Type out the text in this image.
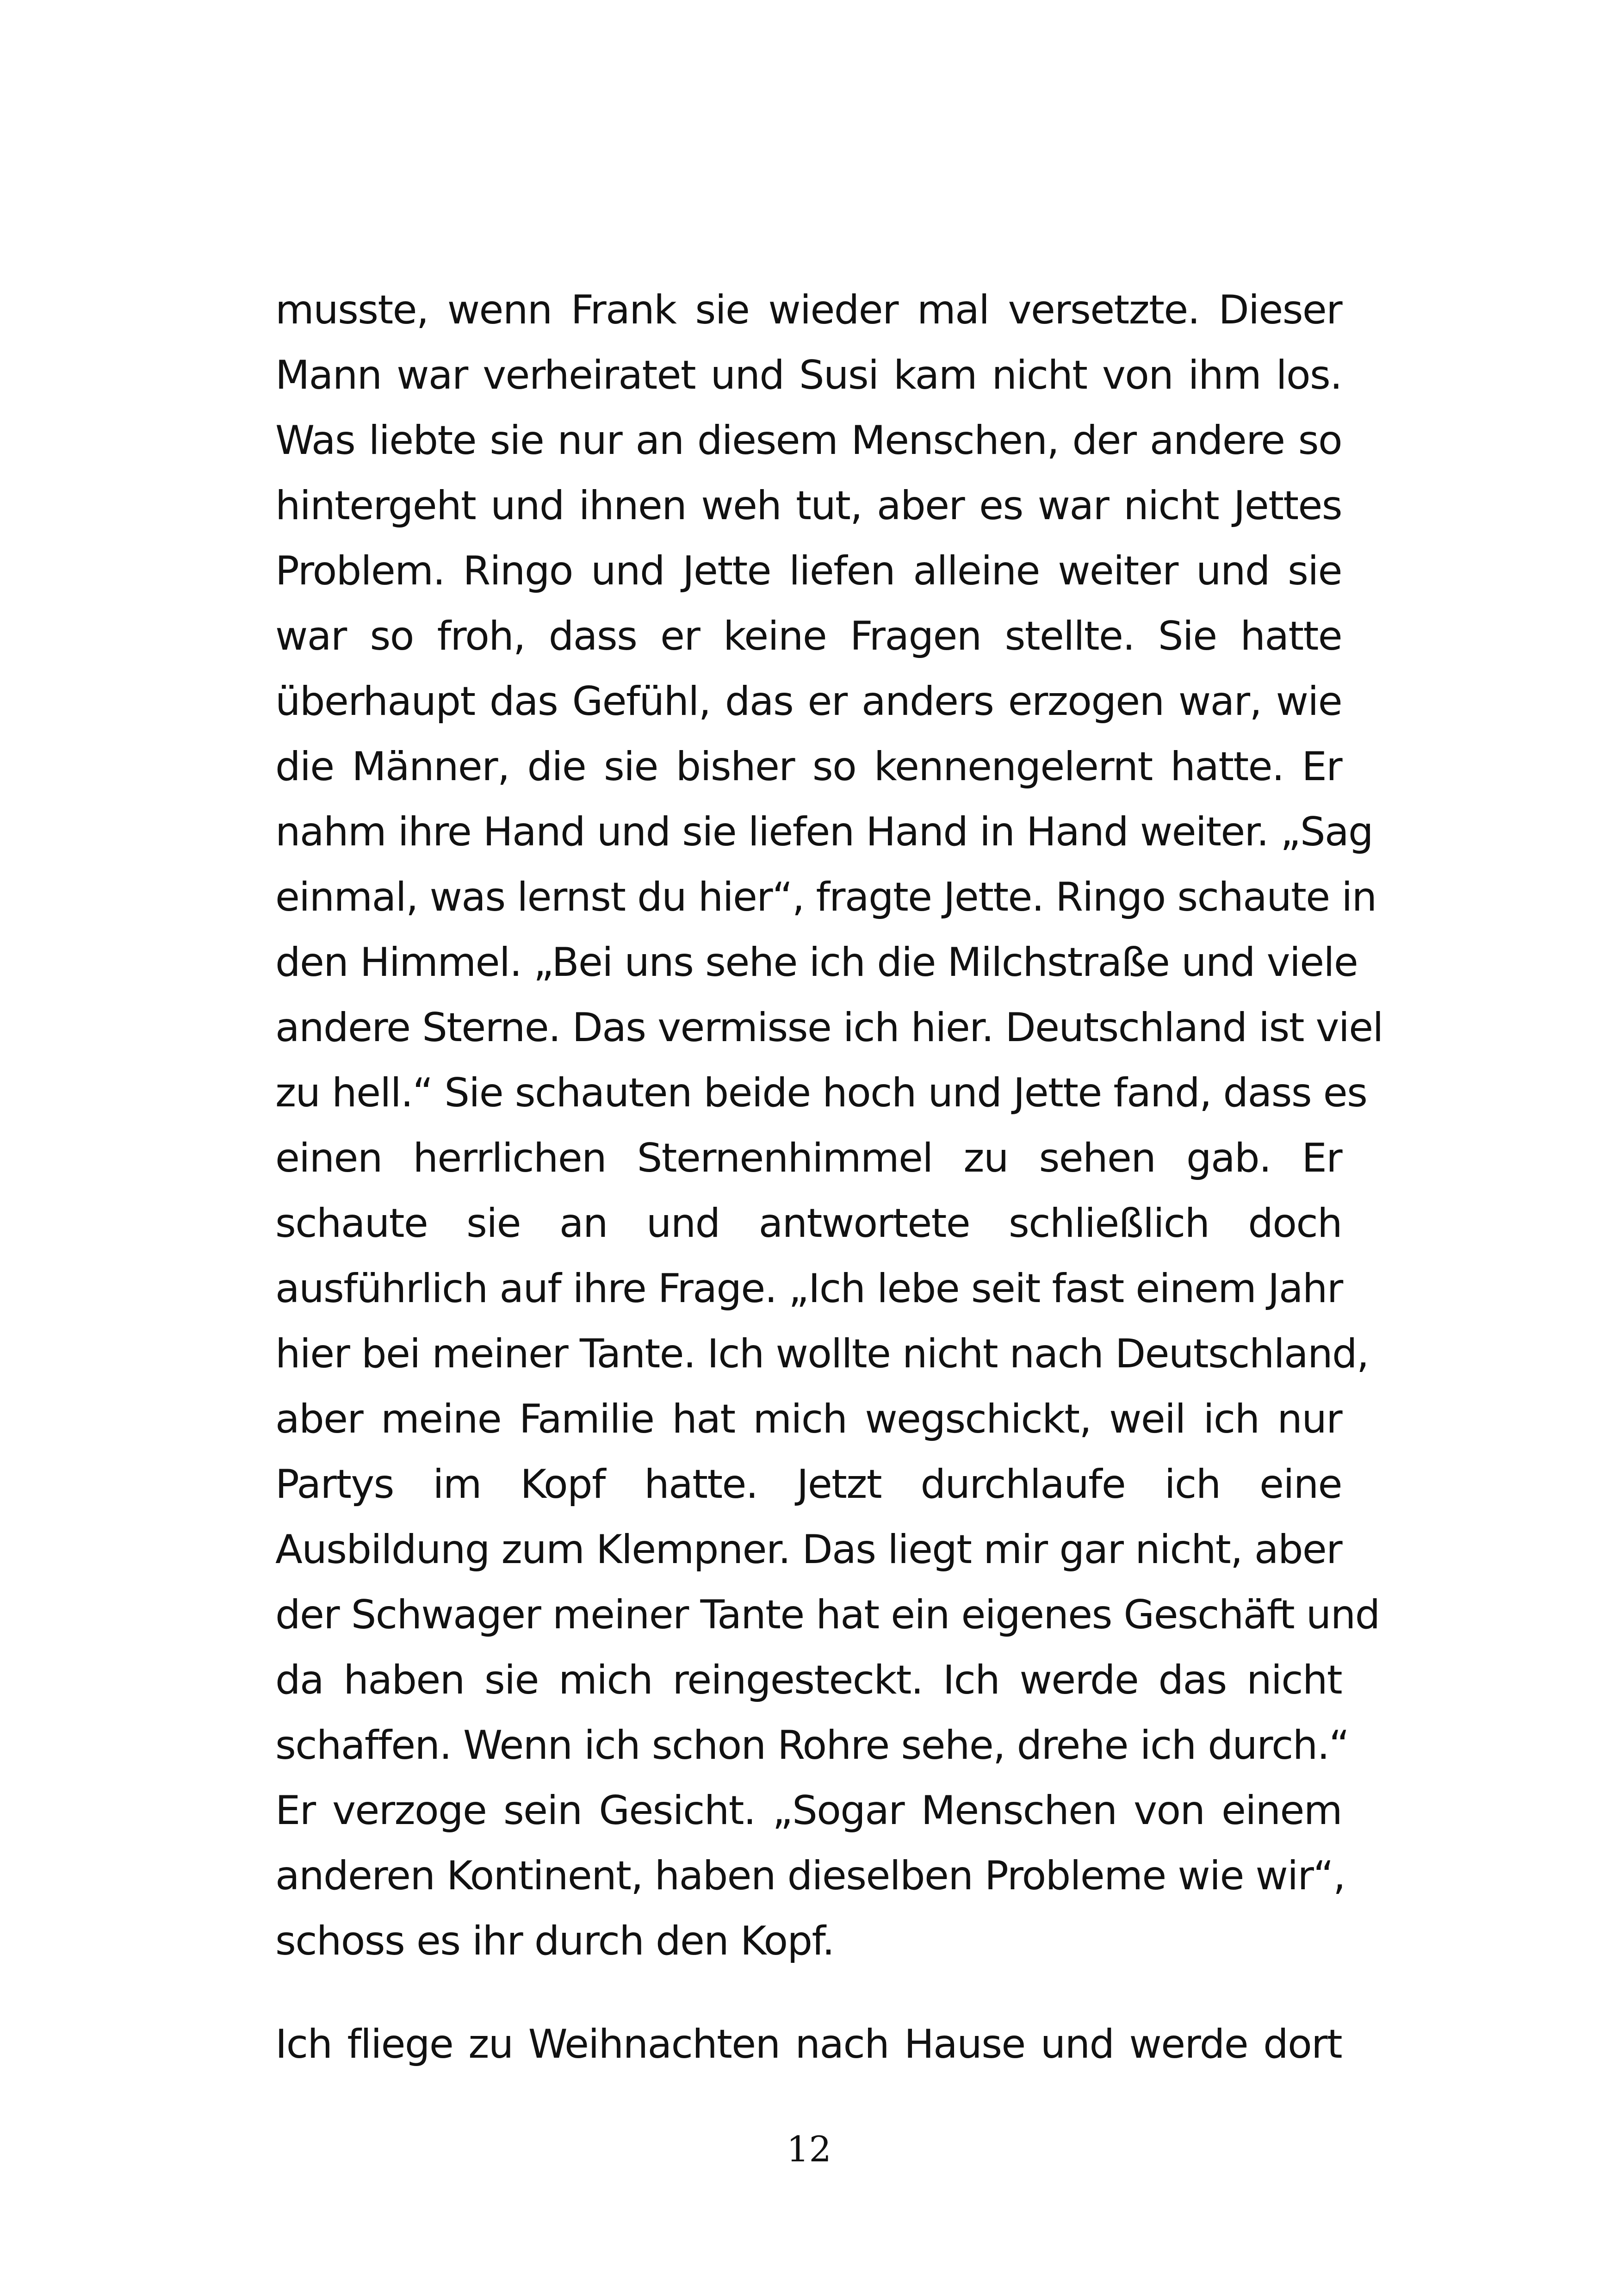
musste, wenn Frank sie wieder mal versetzte. Dieser
Mann war verheiratet und Susi kam nicht von ihm los.
Was liebte sie nur an diesem Menschen, der andere so
hintergeht und ihnen weh tut, aber es war nicht Jettes
Problem. Ringo und Jette liefen alleine weiter und sie
war so froh, dass er keine Fragen stellte. Sie hatte
überhaupt das Gefühl, das er anders erzogen war, wie
die Männer, die sie bisher so kennengelernt hatte. Er
nahm ihre Hand und sie liefen Hand in Hand weiter. „Sag
einmal, was lernst du hier“, fragte Jette. Ringo schaute in
den Himmel. „Bei uns sehe ich die Milchstraße und viele
andere Sterne. Das vermisse ich hier. Deutschland ist viel
zu hell.“ Sie schauten beide hoch und Jette fand, dass es
einen herrlichen Sternenhimmel zu sehen gab. Er
schaute sie an und antwortete schließlich doch
ausführlich auf ihre Frage. „Ich lebe seit fast einem Jahr
hier bei meiner Tante. Ich wollte nicht nach Deutschland,
aber meine Familie hat mich wegschickt, weil ich nur
Partys im Kopf hatte. Jetzt durchlaufe ich eine
Ausbildung zum Klempner. Das liegt mir gar nicht, aber
der Schwager meiner Tante hat ein eigenes Geschäft und
da haben sie mich reingesteckt. Ich werde das nicht
schaffen. Wenn ich schon Rohre sehe, drehe ich durch.“
Er verzoge sein Gesicht. „Sogar Menschen von einem
anderen Kontinent, haben dieselben Probleme wie wir“,
schoss es ihr durch den Kopf.
Ich fliege zu Weihnachten nach Hause und werde dort
12
